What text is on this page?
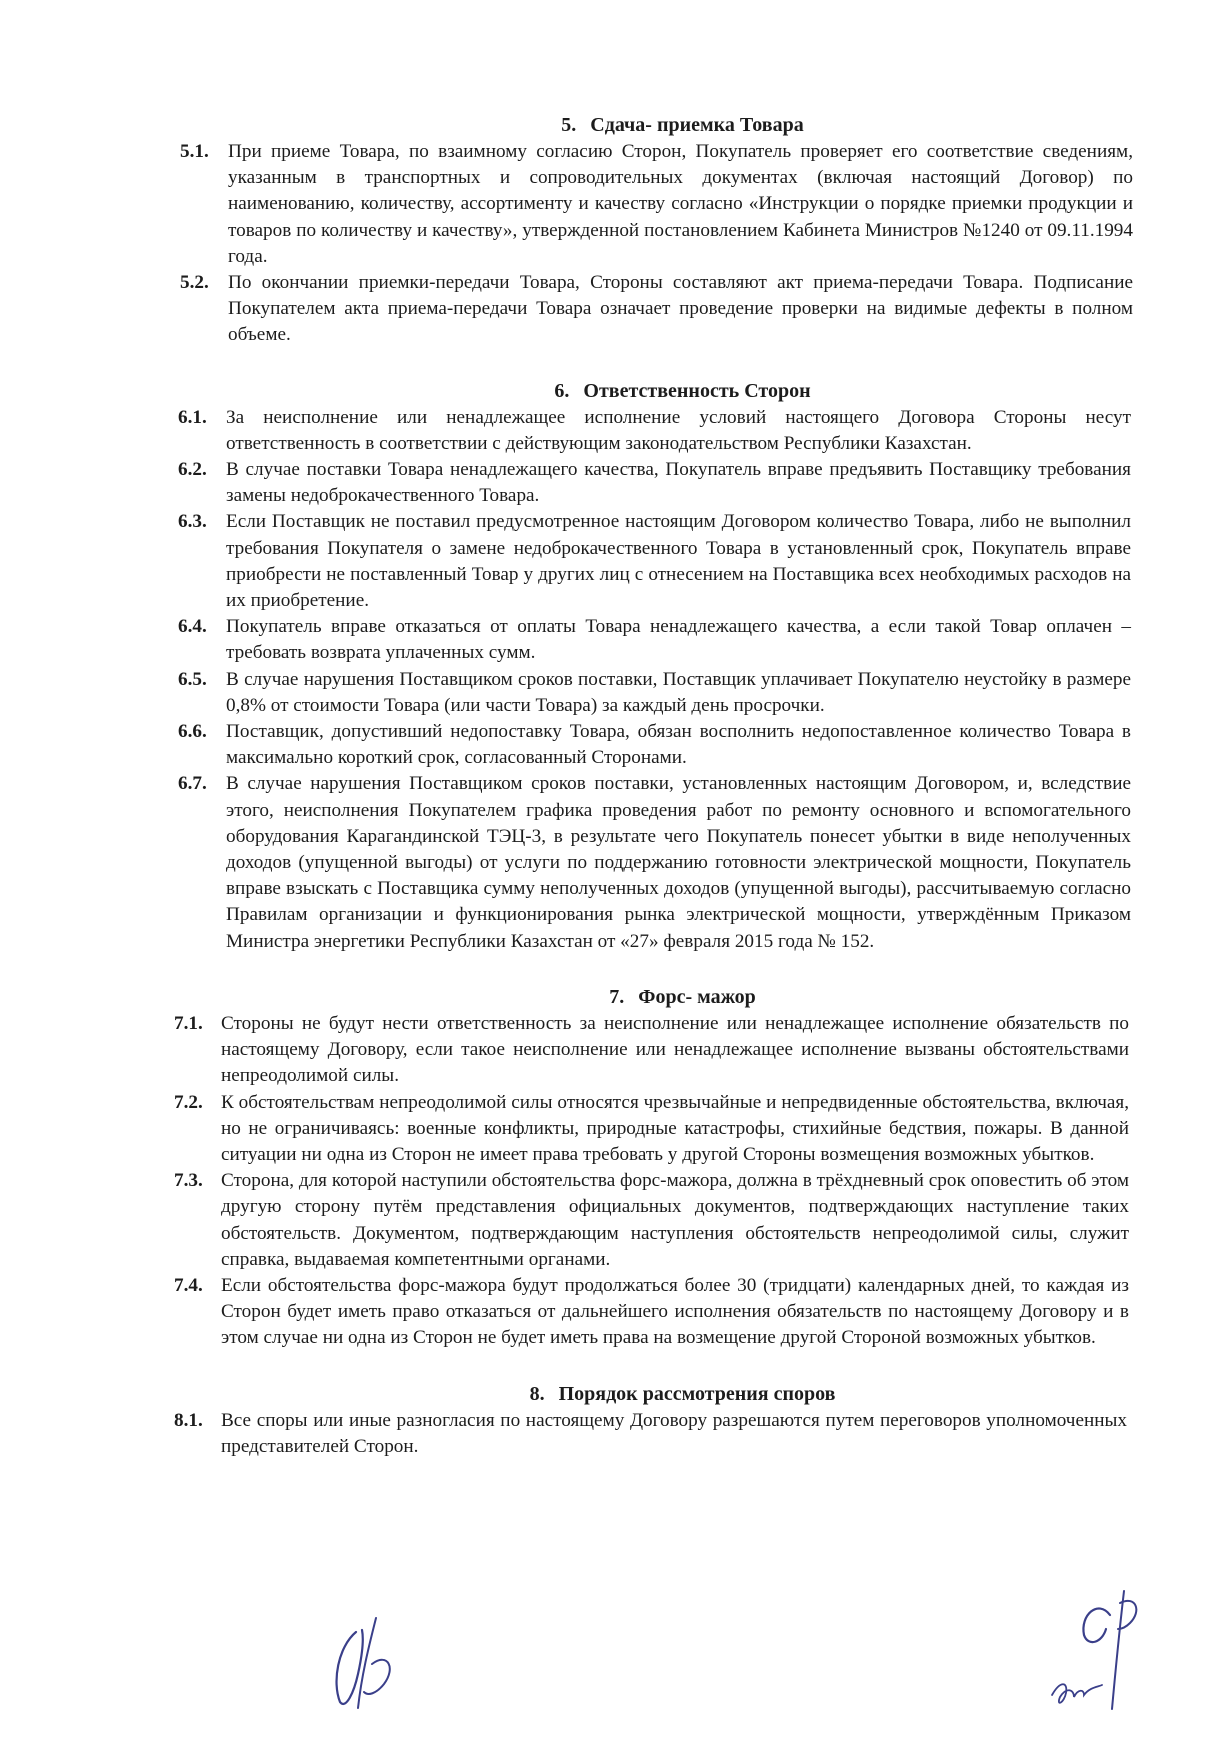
5. Сдача- приемка Товара
5.1.	При приеме Товара, по взаимному согласию Сторон, Покупатель проверяет его соответствие сведениям, указанным в транспортных и сопроводительных документах (включая настоящий Договор) по наименованию, количеству, ассортименту и качеству согласно «Инструкции о порядке приемки продукции и товаров по количеству и качеству», утвержденной постановлением Кабинета Министров №1240 от 09.11.1994 года.
5.2.	По окончании приемки-передачи Товара, Стороны составляют акт приема-передачи Товара. Подписание Покупателем акта приема-передачи Товара означает проведение проверки на видимые дефекты в полном объеме.
6. Ответственность Сторон
6.1.	За неисполнение или ненадлежащее исполнение условий настоящего Договора Стороны несут ответственность в соответствии с действующим законодательством Республики Казахстан.
6.2.	В случае поставки Товара ненадлежащего качества, Покупатель вправе предъявить Поставщику требования замены недоброкачественного Товара.
6.3.	Если Поставщик не поставил предусмотренное настоящим Договором количество Товара, либо не выполнил требования Покупателя о замене недоброкачественного Товара в установленный срок, Покупатель вправе приобрести не поставленный Товар у других лиц с отнесением на Поставщика всех необходимых расходов на их приобретение.
6.4.	Покупатель вправе отказаться от оплаты Товара ненадлежащего качества, а если такой Товар оплачен – требовать возврата уплаченных сумм.
6.5.	В случае нарушения Поставщиком сроков поставки, Поставщик уплачивает Покупателю неустойку в размере 0,8% от стоимости Товара (или части Товара) за каждый день просрочки.
6.6.	Поставщик, допустивший недопоставку Товара, обязан восполнить недопоставленное количество Товара в максимально короткий срок, согласованный Сторонами.
6.7.	В случае нарушения Поставщиком сроков поставки, установленных настоящим Договором, и, вследствие этого, неисполнения Покупателем графика проведения работ по ремонту основного и вспомогательного оборудования Карагандинской ТЭЦ-3, в результате чего Покупатель понесет убытки в виде неполученных доходов (упущенной выгоды) от услуги по поддержанию готовности электрической мощности, Покупатель вправе взыскать с Поставщика сумму неполученных доходов (упущенной выгоды), рассчитываемую согласно Правилам организации и функционирования рынка электрической мощности, утверждённым Приказом Министра энергетики Республики Казахстан от «27» февраля 2015 года № 152.
7. Форс- мажор
7.1. Стороны не будут нести ответственность за неисполнение или ненадлежащее исполнение обязательств по настоящему Договору, если такое неисполнение или ненадлежащее исполнение вызваны обстоятельствами непреодолимой силы.
7.2. К обстоятельствам непреодолимой силы относятся чрезвычайные и непредвиденные обстоятельства, включая, но не ограничиваясь: военные конфликты, природные катастрофы, стихийные бедствия, пожары. В данной ситуации ни одна из Сторон не имеет права требовать у другой Стороны возмещения возможных убытков.
7.3. Сторона, для которой наступили обстоятельства форс-мажора, должна в трёхдневный срок оповестить об этом другую сторону путём представления официальных документов, подтверждающих наступление таких обстоятельств. Документом, подтверждающим наступления обстоятельств непреодолимой силы, служит справка, выдаваемая компетентными органами.
7.4. Если обстоятельства форс-мажора будут продолжаться более 30 (тридцати) календарных дней, то каждая из Сторон будет иметь право отказаться от дальнейшего исполнения обязательств по настоящему Договору и в этом случае ни одна из Сторон не будет иметь права на возмещение другой Стороной возможных убытков.
8. Порядок рассмотрения споров
8.1. Все споры или иные разногласия по настоящему Договору разрешаются путем переговоров уполномоченных представителей Сторон.
